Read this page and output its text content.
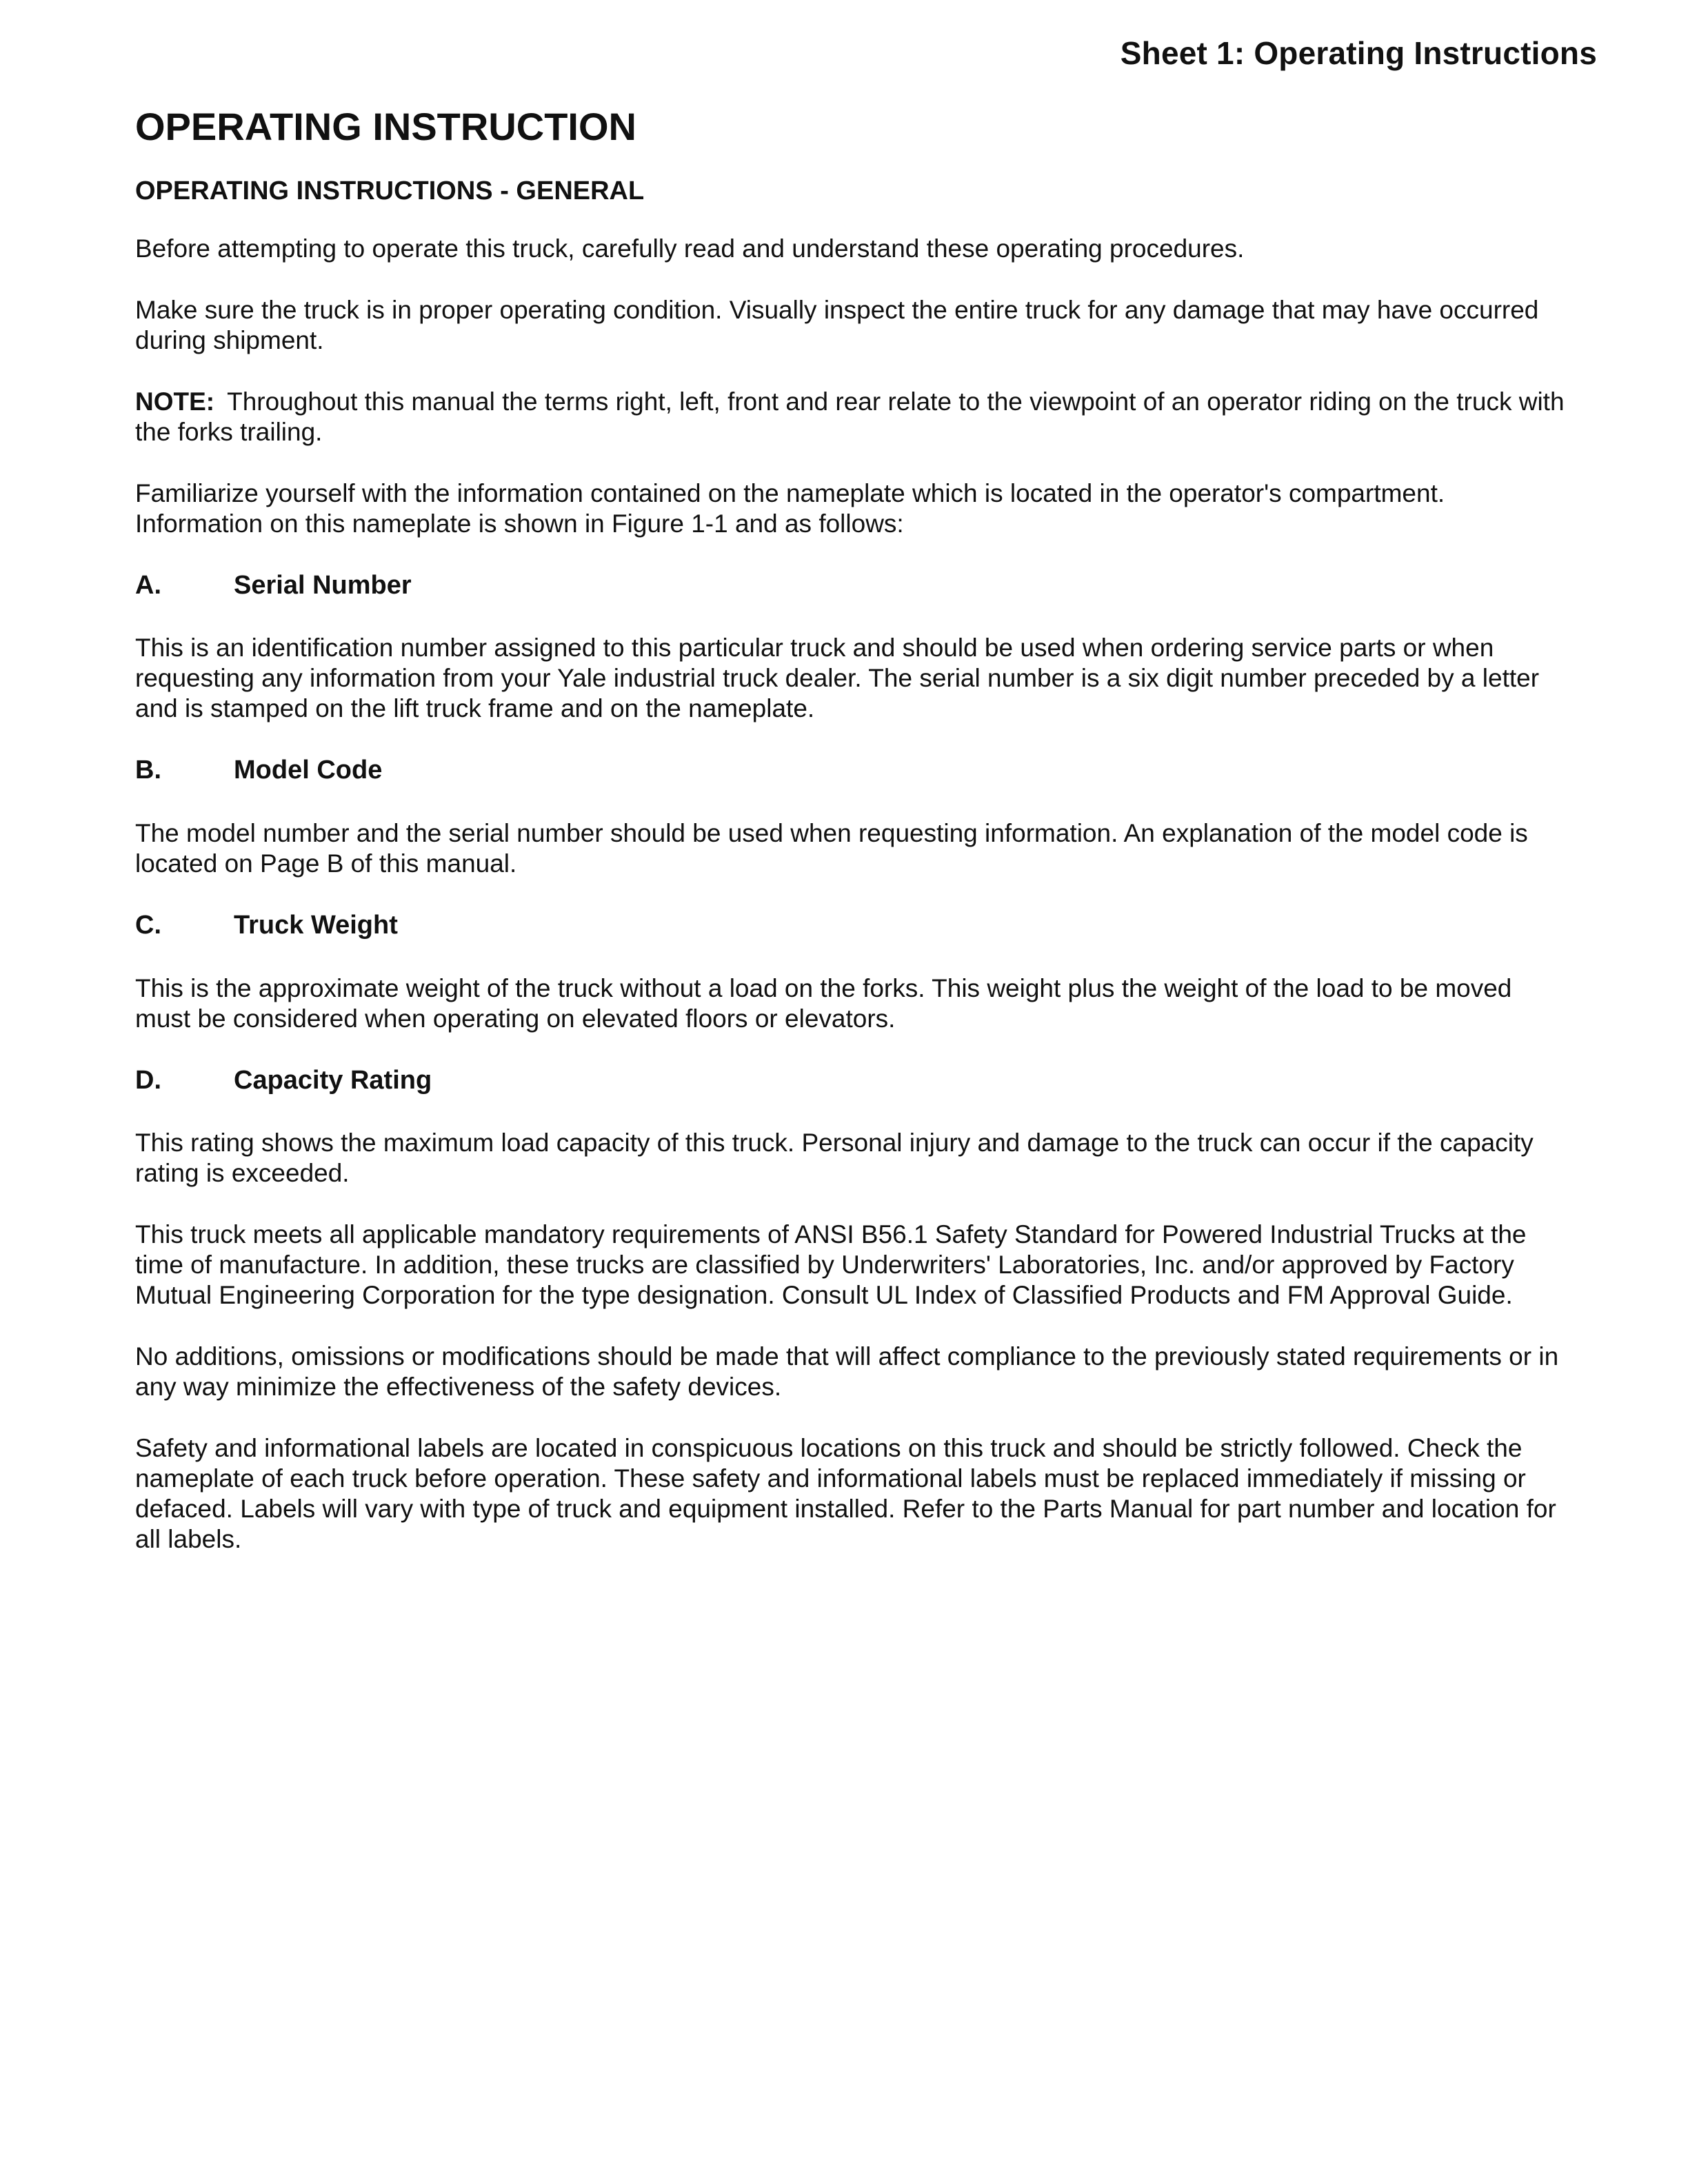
Sheet 1: Operating Instructions
OPERATING INSTRUCTION
OPERATING INSTRUCTIONS - GENERAL

Before attempting to operate this truck, carefully read and understand these operating procedures.

Make sure the truck is in proper operating condition. Visually inspect the entire truck for any damage that may have occurred during shipment.

NOTE: Throughout this manual the terms right, left, front and rear relate to the viewpoint of an operator riding on the truck with the forks trailing.

Familiarize yourself with the information contained on the nameplate which is located in the operator's compartment. Information on this nameplate is shown in Figure 1-1 and as follows:

A.	Serial Number

This is an identification number assigned to this particular truck and should be used when ordering service parts or when requesting any information from your Yale industrial truck dealer. The serial number is a six digit number preceded by a letter and is stamped on the lift truck frame and on the nameplate.

B.	Model Code

The model number and the serial number should be used when requesting information. An explanation of the model code is located on Page B of this manual.

C.	Truck Weight

This is the approximate weight of the truck without a load on the forks. This weight plus the weight of the load to be moved must be considered when operating on elevated floors or elevators.

D.	Capacity Rating

This rating shows the maximum load capacity of this truck. Personal injury and damage to the truck can occur if the capacity rating is exceeded.

This truck meets all applicable mandatory requirements of ANSI B56.1 Safety Standard for Powered Industrial Trucks at the time of manufacture. In addition, these trucks are classified by Underwriters' Laboratories, Inc. and/or approved by Factory Mutual Engineering Corporation for the type designation. Consult UL Index of Classified Products and FM Approval Guide.

No additions, omissions or modifications should be made that will affect compliance to the previously stated requirements or in any way minimize the effectiveness of the safety devices.

Safety and informational labels are located in conspicuous locations on this truck and should be strictly followed. Check the nameplate of each truck before operation. These safety and informational labels must be replaced immediately if missing or defaced. Labels will vary with type of truck and equipment installed. Refer to the Parts Manual for part number and location for all labels.
